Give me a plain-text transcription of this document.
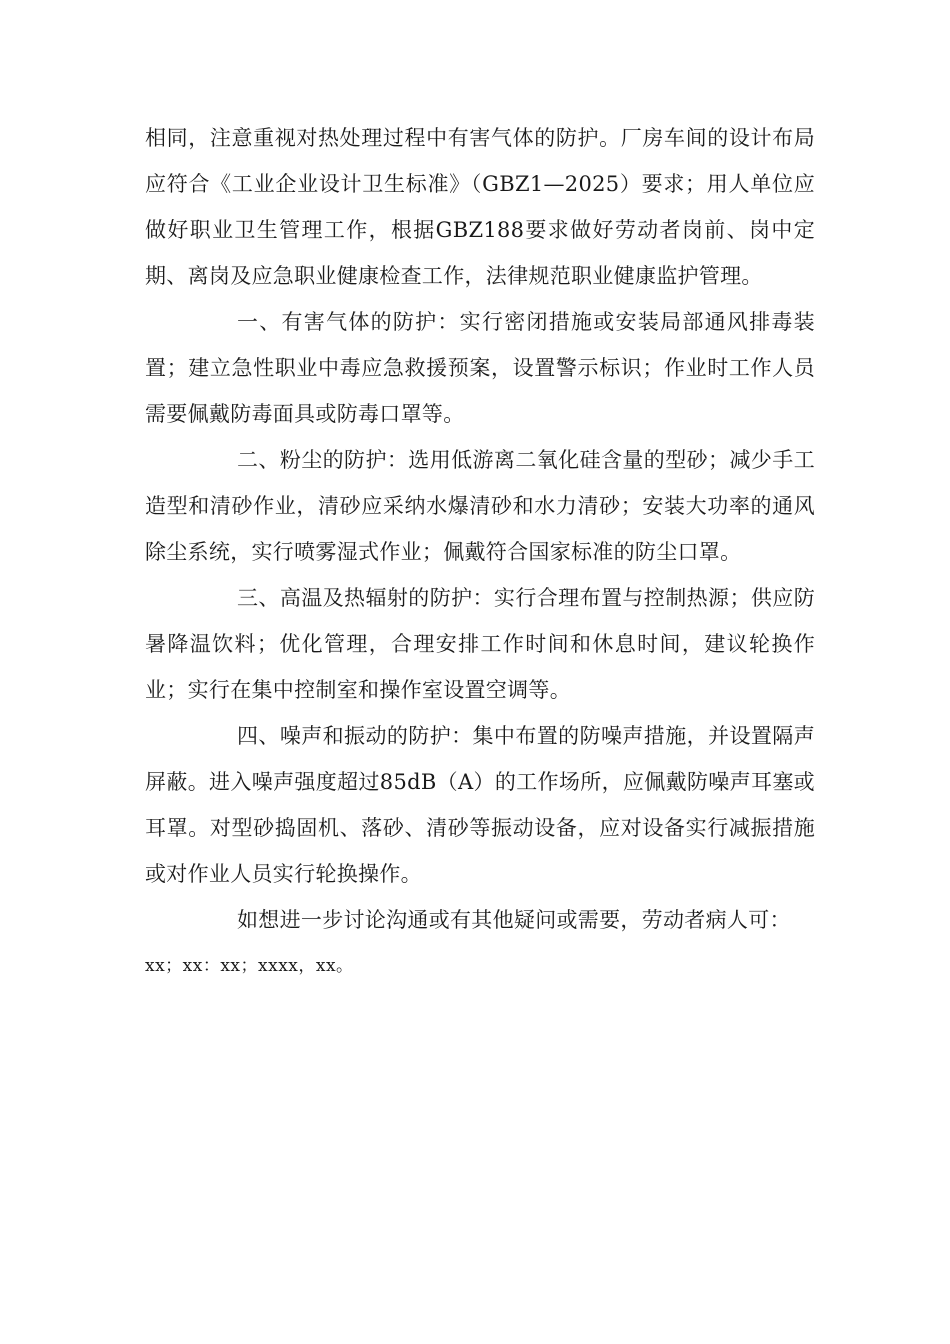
相同，注意重视对热处理过程中有害气体的防护。厂房车间的设计布局应符合《工业企业设计卫生标准》（GBZ1—2025）要求；用人单位应做好职业卫生管理工作，根据GBZ188要求做好劳动者岗前、岗中定期、离岗及应急职业健康检查工作，法律规范职业健康监护管理。

一、有害气体的防护：实行密闭措施或安装局部通风排毒装置；建立急性职业中毒应急救援预案，设置警示标识；作业时工作人员需要佩戴防毒面具或防毒口罩等。

二、粉尘的防护：选用低游离二氧化硅含量的型砂；减少手工造型和清砂作业，清砂应采纳水爆清砂和水力清砂；安装大功率的通风除尘系统，实行喷雾湿式作业；佩戴符合国家标准的防尘口罩。

三、高温及热辐射的防护：实行合理布置与控制热源；供应防暑降温饮料；优化管理，合理安排工作时间和休息时间，建议轮换作业；实行在集中控制室和操作室设置空调等。

四、噪声和振动的防护：集中布置的防噪声措施，并设置隔声屏蔽。进入噪声强度超过85dB（A）的工作场所，应佩戴防噪声耳塞或耳罩。对型砂捣固机、落砂、清砂等振动设备，应对设备实行减振措施或对作业人员实行轮换操作。

如想进一步讨论沟通或有其他疑问或需要，劳动者病人可：

xx；xx：xx；xxxx，xx。
